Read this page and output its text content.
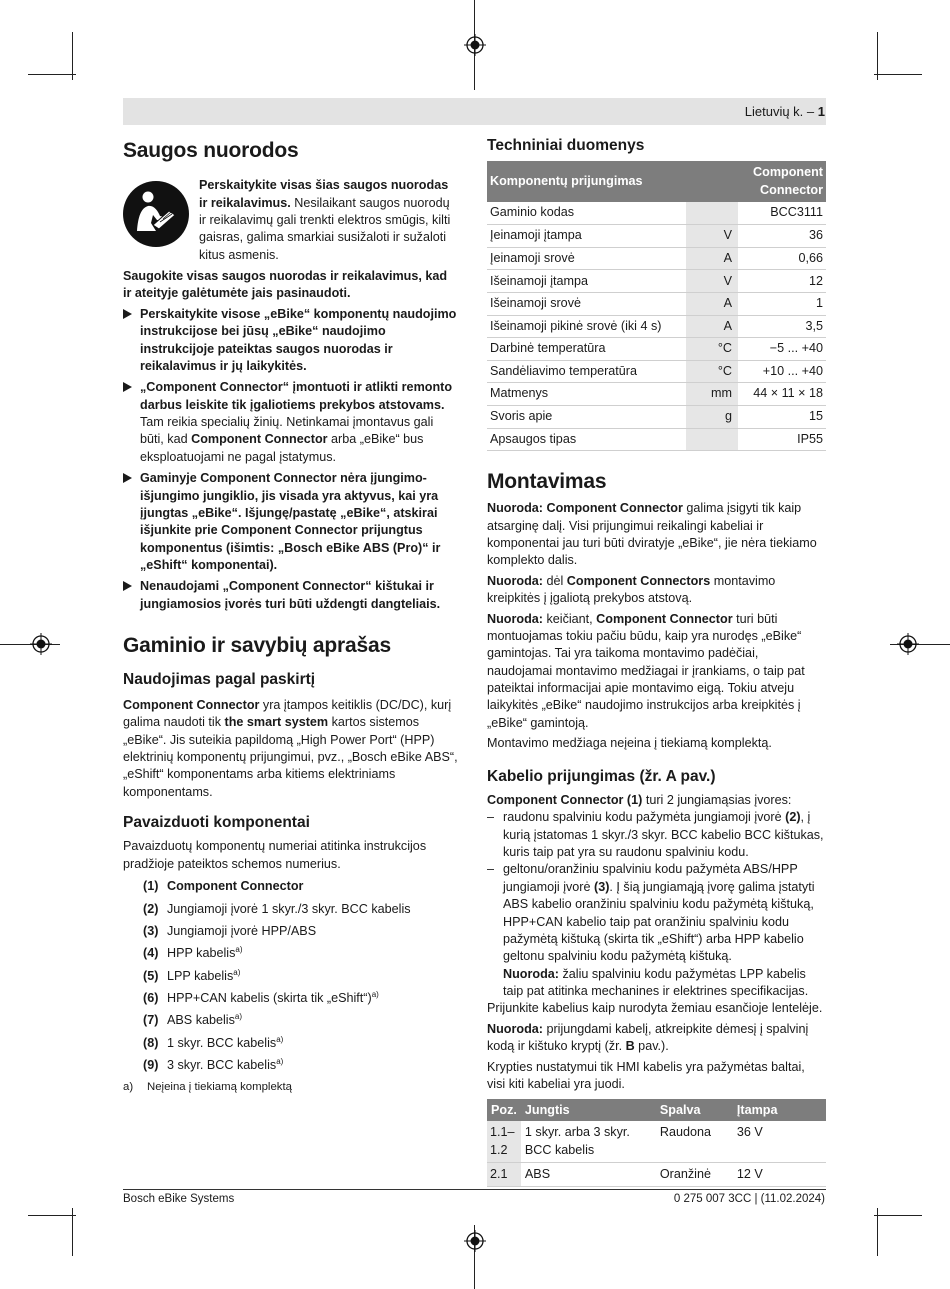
Lietuvių k. – 1
Saugos nuorodos

Perskaitykite visas šias saugos nuorodas ir reikalavimus. Nesilaikant saugos nuorodų ir reikalavimų gali trenkti elektros smūgis, kilti gaisras, galima smarkiai susižaloti ir sužaloti kitus asmenis.

Saugokite visas saugos nuorodas ir reikalavimus, kad ir ateityje galėtumėte jais pasinaudoti.

Perskaitykite visose „eBike“ komponentų naudojimo instrukcijose bei jūsų „eBike“ naudojimo instrukcijoje pateiktas saugos nuorodas ir reikalavimus ir jų laikykitės.
„Component Connector“ įmontuoti ir atlikti remonto darbus leiskite tik įgaliotiems prekybos atstovams. Tam reikia specialių žinių. Netinkamai įmontavus gali būti, kad Component Connector arba „eBike“ bus eksploatuojami ne pagal įstatymus.
Gaminyje Component Connector nėra įjungimo-išjungimo jungiklio, jis visada yra aktyvus, kai yra įjungtas „eBike“. Išjungę/pastatę „eBike“, atskirai išjunkite prie Component Connector prijungtus komponentus (išimtis: „Bosch eBike ABS (Pro)“ ir „eShift“ komponentai).
Nenaudojami „Component Connector“ kištukai ir jungiamosios įvorės turi būti uždengti dangteliais.
Gaminio ir savybių aprašas
Naudojimas pagal paskirtį

Component Connector yra įtampos keitiklis (DC/DC), kurį galima naudoti tik the smart system kartos sistemos „eBike“. Jis suteikia papildomą „High Power Port“ (HPP) elektrinių komponentų prijungimui, pvz., „Bosch eBike ABS“, „eShift“ komponentams arba kitiems elektriniams komponentams.

Pavaizduoti komponentai

Pavaizduotų komponentų numeriai atitinka instrukcijos pradžioje pateiktos schemos numerius.

(1) Component Connector
(2) Jungiamoji įvorė 1 skyr./3 skyr. BCC kabelis
(3) Jungiamoji įvorė HPP/ABS
(4) HPP kabelis$^{a)}$
(5) LPP kabelis$^{a)}$
(6) HPP+CAN kabelis (skirta tik „eShift“)$^{a)}$
(7) ABS kabelis$^{a)}$
(8) 1 skyr. BCC kabelis$^{a)}$
(9) 3 skyr. BCC kabelis$^{a)}$

a) Neįeina į tiekiamą komplektą

Techniniai duomenys
Komponentų prijungimas		Component Connector
Gaminio kodas		BCC3111
Įeinamoji įtampa	V	36
Įeinamoji srovė	A	0,66
Išeinamoji įtampa	V	12
Išeinamoji srovė	A	1
Išeinamoji pikinė srovė (iki 4 s)	A	3,5
Darbinė temperatūra	°C	−5 ... +40
Sandėliavimo temperatūra	°C	+10 ... +40
Matmenys	mm	44 × 11 × 18
Svoris apie	g	15
Apsaugos tipas		IP55
Montavimas

Nuoroda: Component Connector galima įsigyti tik kaip atsarginę dalį. Visi prijungimui reikalingi kabeliai ir komponentai jau turi būti dviratyje „eBike“, jie nėra tiekiamo komplekto dalis.

Nuoroda: dėl Component Connectors montavimo kreipkitės į įgaliotą prekybos atstovą.

Nuoroda: keičiant, Component Connector turi būti montuojamas tokiu pačiu būdu, kaip yra nurodęs „eBike“ gamintojas. Tai yra taikoma montavimo padėčiai, naudojamai montavimo medžiagai ir įrankiams, o taip pat pateiktai informacijai apie montavimo eigą. Tokiu atveju laikykitės „eBike“ naudojimo instrukcijos arba kreipkitės į „eBike“ gamintoją.

Montavimo medžiaga neįeina į tiekiamą komplektą.

Kabelio prijungimas (žr. A pav.)

Component Connector (1) turi 2 jungiamąsias įvores:

– raudonu spalviniu kodu pažymėta jungiamoji įvorė (2), į kurią įstatomas 1 skyr./3 skyr. BCC kabelio BCC kištukas, kuris taip pat yra su raudonu spalviniu kodu.
– geltonu/oranžiniu spalviniu kodu pažymėta ABS/HPP jungiamoji įvorė (3). Į šią jungiamąją įvorę galima įstatyti ABS kabelio oranžiniu spalviniu kodu pažymėtą kištuką, HPP+CAN kabelio taip pat oranžiniu spalviniu kodu pažymėtą kištuką (skirta tik „eShift“) arba HPP kabelio geltonu spalviniu kodu pažymėtą kištuką.
Nuoroda: žaliu spalviniu kodu pažymėtas LPP kabelis taip pat atitinka mechanines ir elektrines specifikacijas.

Prijunkite kabelius kaip nurodyta žemiau esančioje lentelėje.

Nuoroda: prijungdami kabelį, atkreipkite dėmesį į spalvinį kodą ir kištuko kryptį (žr. B pav.).

Krypties nustatymui tik HMI kabelis yra pažymėtas baltai, visi kiti kabeliai yra juodi.

Poz.	Jungtis	Spalva	Įtampa
1.1–1.2	1 skyr. arba 3 skyr. BCC kabelis	Raudona	36 V
2.1	ABS	Oranžinė	12 V
Bosch eBike Systems	0 275 007 3CC | (11.02.2024)
